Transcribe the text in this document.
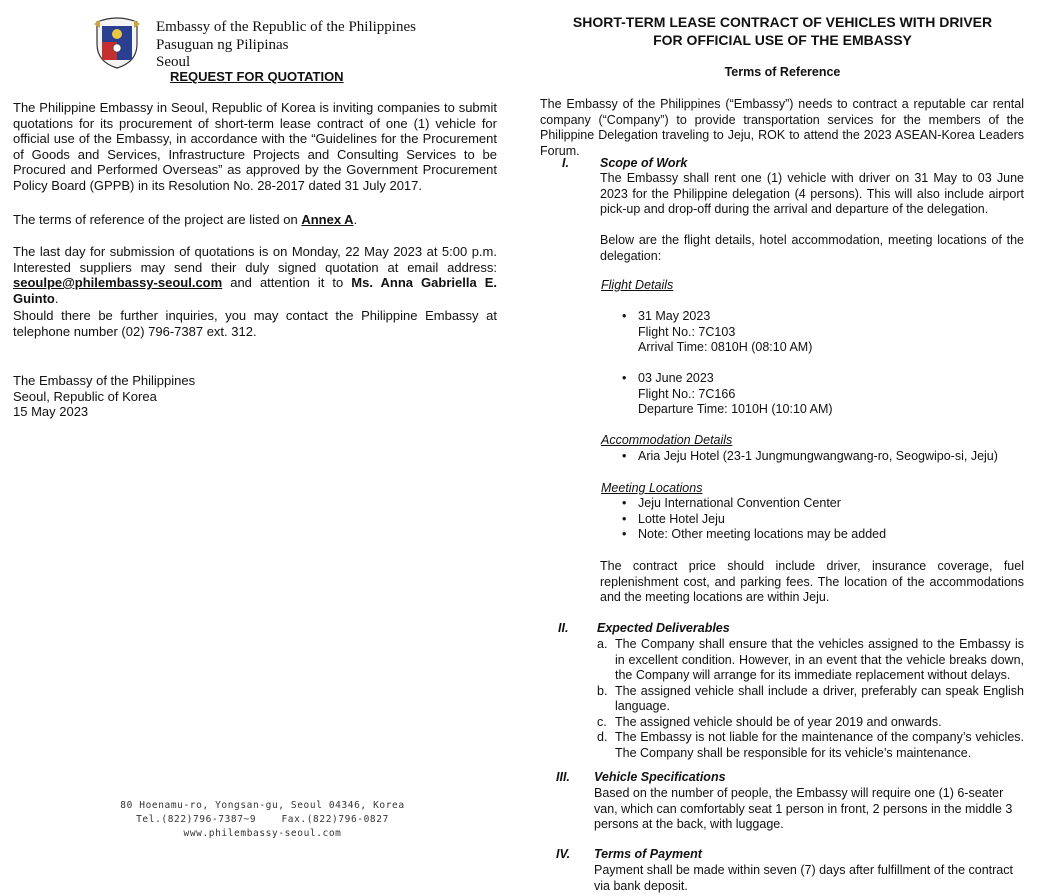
Embassy of the Republic of the Philippines
Pasuguan ng Pilipinas
Seoul
REQUEST FOR QUOTATION
The Philippine Embassy in Seoul, Republic of Korea is inviting companies to submit quotations for its procurement of short-term lease contract of one (1) vehicle for official use of the Embassy, in accordance with the “Guidelines for the Procurement of Goods and Services, Infrastructure Projects and Consulting Services to be Procured and Performed Overseas” as approved by the Government Procurement Policy Board (GPPB) in its Resolution No. 28-2017 dated 31 July 2017.
The terms of reference of the project are listed on Annex A.
The last day for submission of quotations is on Monday, 22 May 2023 at 5:00 p.m. Interested suppliers may send their duly signed quotation at email address: seoulpe@philembassy-seoul.com and attention it to Ms. Anna Gabriella E. Guinto.
Should there be further inquiries, you may contact the Philippine Embassy at telephone number (02) 796-7387 ext. 312.
The Embassy of the Philippines
Seoul, Republic of Korea
15 May 2023
80 Hoenamu-ro, Yongsan-gu, Seoul 04346, Korea
Tel.(822)796-7387~9    Fax.(822)796-0827
www.philembassy-seoul.com
SHORT-TERM LEASE CONTRACT OF VEHICLES WITH DRIVER
FOR OFFICIAL USE OF THE EMBASSY
Terms of Reference
The Embassy of the Philippines (“Embassy”) needs to contract a reputable car rental company (“Company”) to provide transportation services for the members of the Philippine Delegation traveling to Jeju, ROK to attend the 2023 ASEAN-Korea Leaders Forum.
I. Scope of Work
The Embassy shall rent one (1) vehicle with driver on 31 May to 03 June 2023 for the Philippine delegation (4 persons). This will also include airport pick-up and drop-off during the arrival and departure of the delegation.
Below are the flight details, hotel accommodation, meeting locations of the delegation:
Flight Details
• 31 May 2023
Flight No.: 7C103
Arrival Time: 0810H (08:10 AM)
• 03 June 2023
Flight No.: 7C166
Departure Time: 1010H (10:10 AM)
Accommodation Details
• Aria Jeju Hotel (23-1 Jungmungwangwang-ro, Seogwipo-si, Jeju)
Meeting Locations
• Jeju International Convention Center
• Lotte Hotel Jeju
• Note: Other meeting locations may be added
The contract price should include driver, insurance coverage, fuel replenishment cost, and parking fees. The location of the accommodations and the meeting locations are within Jeju.
II. Expected Deliverables
a. The Company shall ensure that the vehicles assigned to the Embassy is in excellent condition. However, in an event that the vehicle breaks down, the Company will arrange for its immediate replacement without delays.
b. The assigned vehicle shall include a driver, preferably can speak English language.
c. The assigned vehicle should be of year 2019 and onwards.
d. The Embassy is not liable for the maintenance of the company’s vehicles. The Company shall be responsible for its vehicle’s maintenance.
III. Vehicle Specifications
Based on the number of people, the Embassy will require one (1) 6-seater van, which can comfortably seat 1 person in front, 2 persons in the middle 3 persons at the back, with luggage.
IV. Terms of Payment
Payment shall be made within seven (7) days after fulfillment of the contract via bank deposit.
